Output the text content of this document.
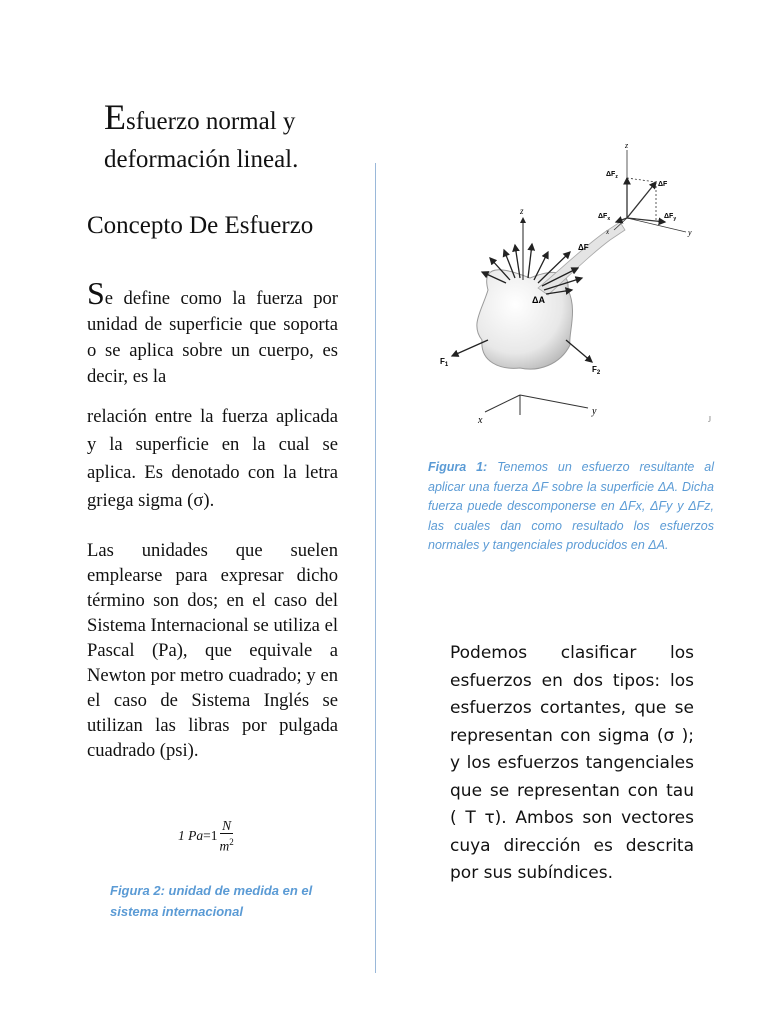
Esfuerzo normal y deformación lineal.
Concepto De Esfuerzo
Se define como la fuerza por unidad de superficie que soporta o se aplica sobre un cuerpo, es decir, es la
relación entre la fuerza aplicada y la superficie en la cual se aplica. Es denotado con la letra griega sigma (σ).
Las unidades que suelen emplearse para expresar dicho término son dos; en el caso del Sistema Internacional se utiliza el Pascal (Pa), que equivale a Newton por metro cuadrado; y en el caso de Sistema Inglés se utilizan las libras por pulgada cuadrado (psi).
1 $Pa = 1 \frac{N}{m^2}$
Figura 2: unidad de medida en el sistema internacional
x
y
J
z
ΔF
ΔA
$F_1$	$F_2$
z
y
x
$\Delta F_z$
ΔF
$\Delta F_x$	$\Delta F_y$
Figura 1: Tenemos un esfuerzo resultante al aplicar una fuerza ΔF sobre la superficie ΔA. Dicha fuerza puede descomponerse en ΔFx, ΔFy y ΔFz, las cuales dan como resultado los esfuerzos normales y tangenciales producidos en ΔA.
Podemos clasificar los esfuerzos en dos tipos: los esfuerzos cortantes, que se representan con sigma (σ ); y los esfuerzos tangenciales que se representan con tau ( Τ τ). Ambos son vectores cuya dirección es descrita por sus subíndices.
